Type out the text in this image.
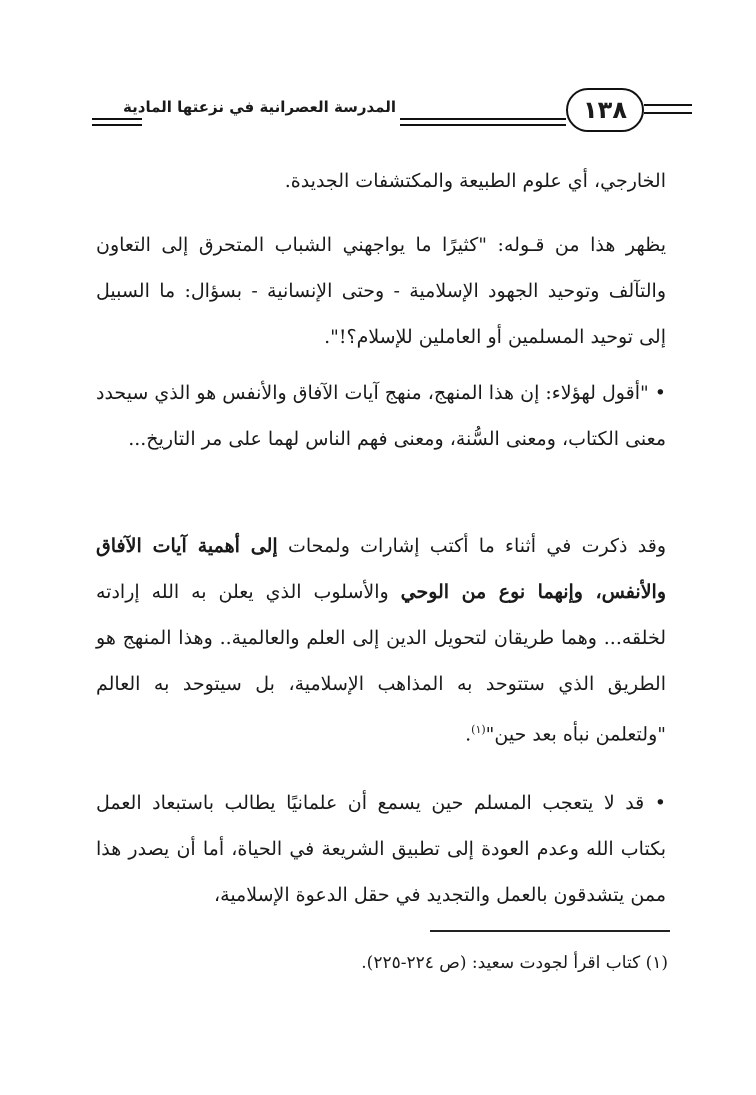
١٣٨
المدرسة العصرانية في نزعتها المادية
الخارجي، أي علوم الطبيعة والمكتشفات الجديدة.
يظهر هذا من قـوله: "كثيرًا ما يواجهني الشباب المتحرق إلى التعاون والتآلف وتوحيد الجهود الإسلامية - وحتى الإنسانية - بسؤال: ما السبيل إلى توحيد المسلمين أو العاملين للإسلام؟!".
• "أقول لهؤلاء: إن هذا المنهج، منهج آيات الآفاق والأنفس هو الذي سيحدد معنى الكتاب، ومعنى السُّنة، ومعنى فهم الناس لهما على مر التاريخ...
وقد ذكرت في أثناء ما أكتب إشارات ولمحات إلى أهمية آيات الآفاق والأنفس، وإنهما نوع من الوحي والأسلوب الذي يعلن به الله إرادته لخلقه... وهما طريقان لتحويل الدين إلى العلم والعالمية.. وهذا المنهج هو الطريق الذي ستتوحد به المذاهب الإسلامية، بل سيتوحد به العالم "ولتعلمن نبأه بعد حين"$^{(١)}$.
• قد لا يتعجب المسلم حين يسمع أن علمانيًا يطالب باستبعاد العمل بكتاب الله وعدم العودة إلى تطبيق الشريعة في الحياة، أما أن يصدر هذا ممن يتشدقون بالعمل والتجديد في حقل الدعوة الإسلامية،
(١) كتاب اقرأ لجودت سعيد: (ص ٢٢٤-٢٢٥).
